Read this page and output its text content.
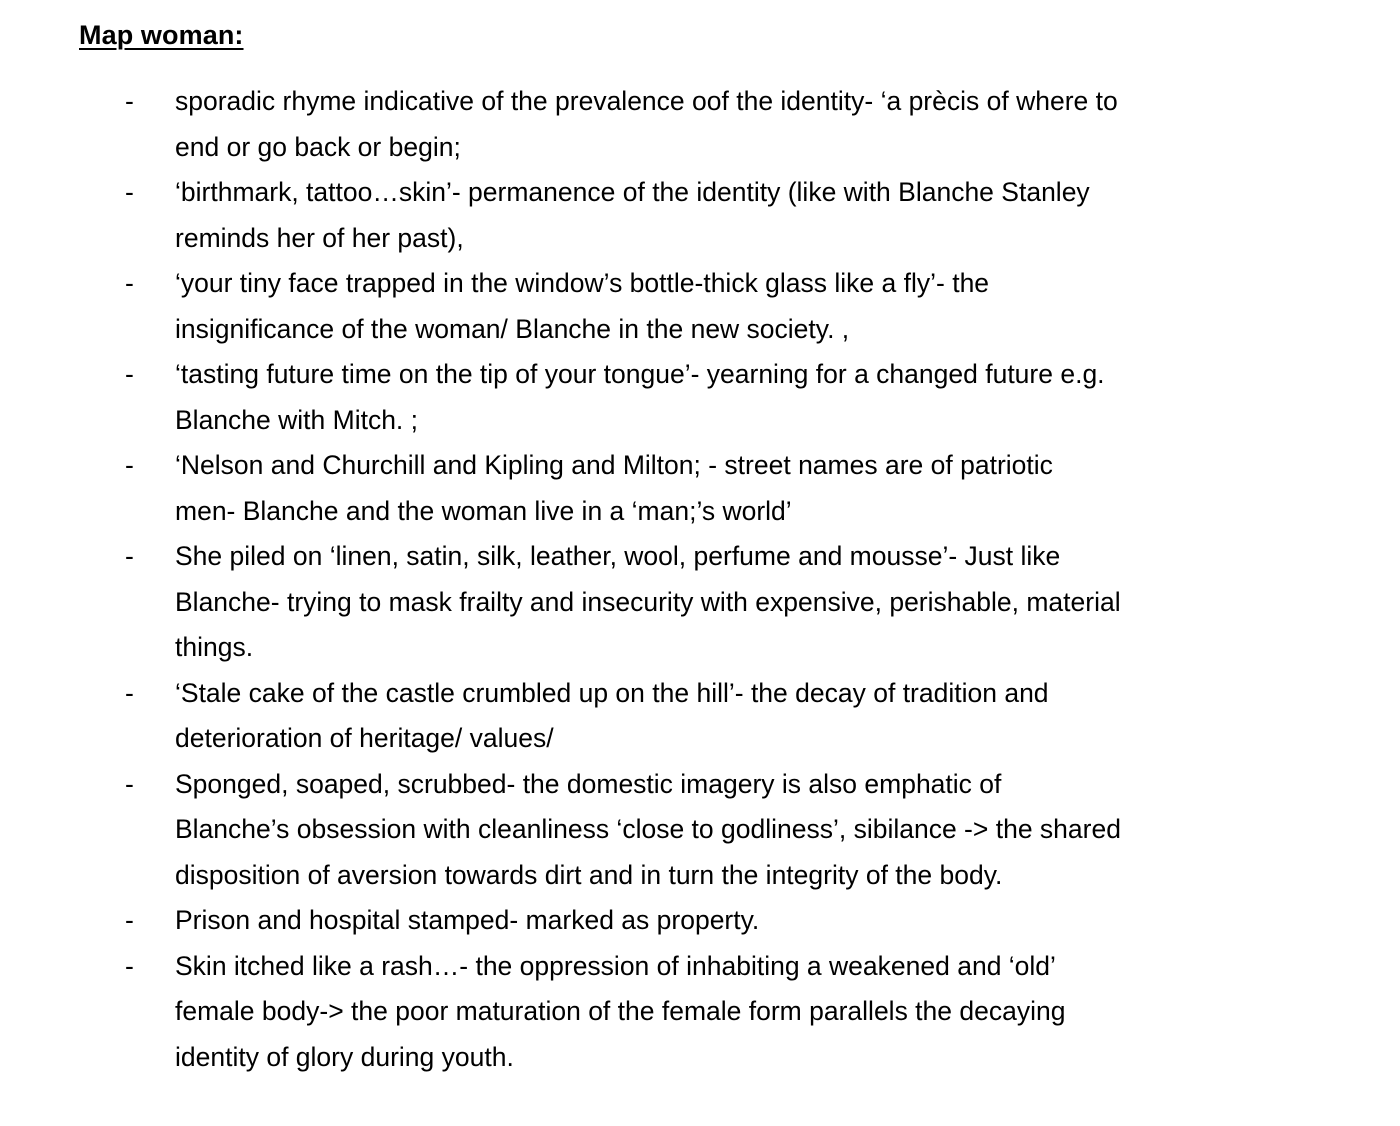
Map woman:
- sporadic rhyme indicative of the prevalence oof the identity- ‘a prècis of where to
end or go back or begin;
- ‘birthmark, tattoo…skin’- permanence of the identity (like with Blanche Stanley
reminds her of her past),
- ‘your tiny face trapped in the window’s bottle-thick glass like a fly’- the
insignificance of the woman/ Blanche in the new society. ,
- ‘tasting future time on the tip of your tongue’- yearning for a changed future e.g.
Blanche with Mitch. ;
- ‘Nelson and Churchill and Kipling and Milton; - street names are of patriotic
men- Blanche and the woman live in a ‘man;’s world’
- She piled on ‘linen, satin, silk, leather, wool, perfume and mousse’- Just like
Blanche- trying to mask frailty and insecurity with expensive, perishable, material
things.
- ‘Stale cake of the castle crumbled up on the hill’- the decay of tradition and
deterioration of heritage/ values/
- Sponged, soaped, scrubbed- the domestic imagery is also emphatic of
Blanche’s obsession with cleanliness ‘close to godliness’, sibilance -> the shared
disposition of aversion towards dirt and in turn the integrity of the body.
- Prison and hospital stamped- marked as property.
- Skin itched like a rash…- the oppression of inhabiting a weakened and ‘old’
female body-> the poor maturation of the female form parallels the decaying
identity of glory during youth.
